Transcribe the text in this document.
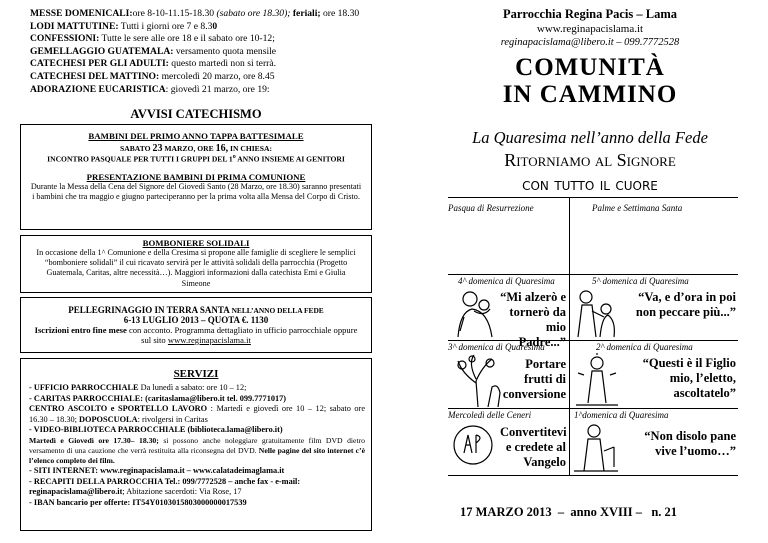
MESSE DOMENICALI:ore 8-10-11.15-18.30 (sabato ore 18.30); feriali; ore 18.30
LODI MATTUTINE: Tutti i giorni ore 7 e 8.30
CONFESSIONI: Tutte le sere alle ore 18 e il sabato ore 10-12;
GEMELLAGGIO GUATEMALA: versamento quota mensile
CATECHESI PER GLI ADULTI: questo martedì non si terrà.
CATECHESI DEL MATTINO: mercoledì 20 marzo, ore 8.45
ADORAZIONE EUCARISTICA: giovedì 21 marzo, ore 19:
AVVISI CATECHISMO
BAMBINI DEL PRIMO ANNO TAPPA BATTESIMALE
SABATO 23 MARZO, ORE 16, IN CHIESA:
INCONTRO PASQUALE PER TUTTI I GRUPPI DEL 1$^o$ ANNO INSIEME AI GENITORI
PRESENTAZIONE BAMBINI DI PRIMA COMUNIONE
Durante la Messa della Cena del Signore del Giovedì Santo (28 Marzo, ore 18.30) saranno presentati i bambini che tra maggio e giugno parteciperanno per la prima volta alla Mensa del Corpo di Cristo.
BOMBONIERE SOLIDALI
In occasione della 1^ Comunione e della Cresima si propone alle famiglie di scegliere le semplici “bomboniere solidali” il cui ricavato servirà per le attività solidali della parrocchia (Progetto Guatemala, Caritas, altre necessità…). Maggiori informazioni dalla catechista Emi e Giulia Simeone
PELLEGRINAGGIO IN TERRA SANTA NELL’ANNO DELLA FEDE
6-13 LUGLIO 2013 – QUOTA €. 1130
Iscrizioni entro fine mese con acconto. Programma dettagliato in ufficio parrocchiale oppure sul sito www.reginapacislama.it
SERVIZI
- UFFICIO PARROCCHIALE Da lunedì a sabato: ore 10 – 12;
- CARITAS PARROCCHIALE: (caritaslama@libero.it tel. 099.7771017)
CENTRO ASCOLTO e SPORTELLO LAVORO : Martedì e giovedì ore 10 – 12; sabato ore 16.30 – 18.30; DOPOSCUOLA: rivolgersi in Caritas
- VIDEO-BIBLIOTECA PARROCCHIALE (biblioteca.lama@libero.it)
Martedì e Giovedì ore 17.30– 18.30; si possono anche noleggiare gratuitamente film DVD dietro versamento di una cauzione che verrà restituita alla riconsegna del DVD. Nelle pagine del sito internet c’è l’elenco completo dei film.
- SITI INTERNET: www.reginapacislama.it – www.calatadeimaglama.it
- RECAPITI DELLA PARROCCHIA Tel.: 099/7772528 – anche fax - e-mail:
reginapacislama@libero.it; Abitazione sacerdoti: Via Rose, 17
- IBAN bancario per offerte: IT54Y0103015803000000017539
Parrocchia Regina Pacis – Lama
www.reginapacislama.it
reginapacislama@libero.it – 099.7772528
COMUNITÀ
IN CAMMINO
La Quaresima nell’anno della Fede
Ritorniamo al Signore
con tutto il cuore
Pasqua di Resurrezione	Palme e Settimana Santa
4^ domenica di Quaresima
“Mi alzerò e tornerò da mio Padre...”
5^ domenica di Quaresima
“Va, e d’ora in poi non peccare più...”
3^ domenica di Quaresima
Portare frutti di conversione
2^ domenica di Quaresima
“Questi è il Figlio mio, l’eletto, ascoltatelo”
Mercoledì delle Ceneri
Convertitevi e credete al Vangelo
1^domenica di Quaresima
“Non disolo pane vive l’uomo…”
17 MARZO 2013  –  anno XVIII –   n. 21
